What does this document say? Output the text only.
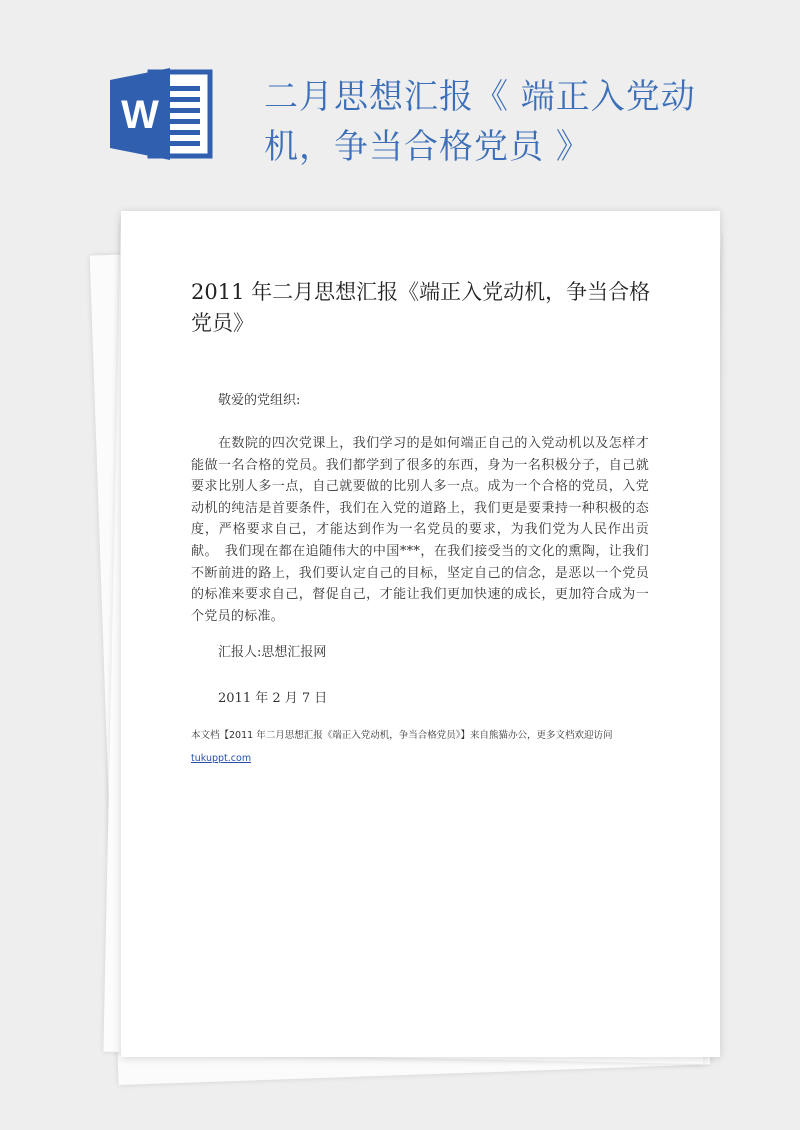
W	二月思想汇报《 端正入党动机，争当合格党员 》
2011 年二月思想汇报《端正入党动机，争当合格党员》

敬爱的党组织:

在数院的四次党课上，我们学习的是如何端正自己的入党动机以及怎样才能做一名合格的党员。我们都学到了很多的东西，身为一名积极分子，自己就要求比别人多一点，自己就要做的比别人多一点。成为一个合格的党员，入党动机的纯洁是首要条件，我们在入党的道路上，我们更是要秉持一种积极的态度，严格要求自己，才能达到作为一名党员的要求，为我们党为人民作出贡献。　我们现在都在追随伟大的中国***，在我们接受当的文化的熏陶，让我们不断前进的路上，我们要认定自己的目标，坚定自己的信念，是恶以一个党员的标准来要求自己，督促自己，才能让我们更加快速的成长，更加符合成为一个党员的标准。

汇报人:思想汇报网

2011 年 2 月 7 日

本文档【2011 年二月思想汇报《端正入党动机，争当合格党员》】来自熊猫办公，更多文档欢迎访问

tukuppt.com
